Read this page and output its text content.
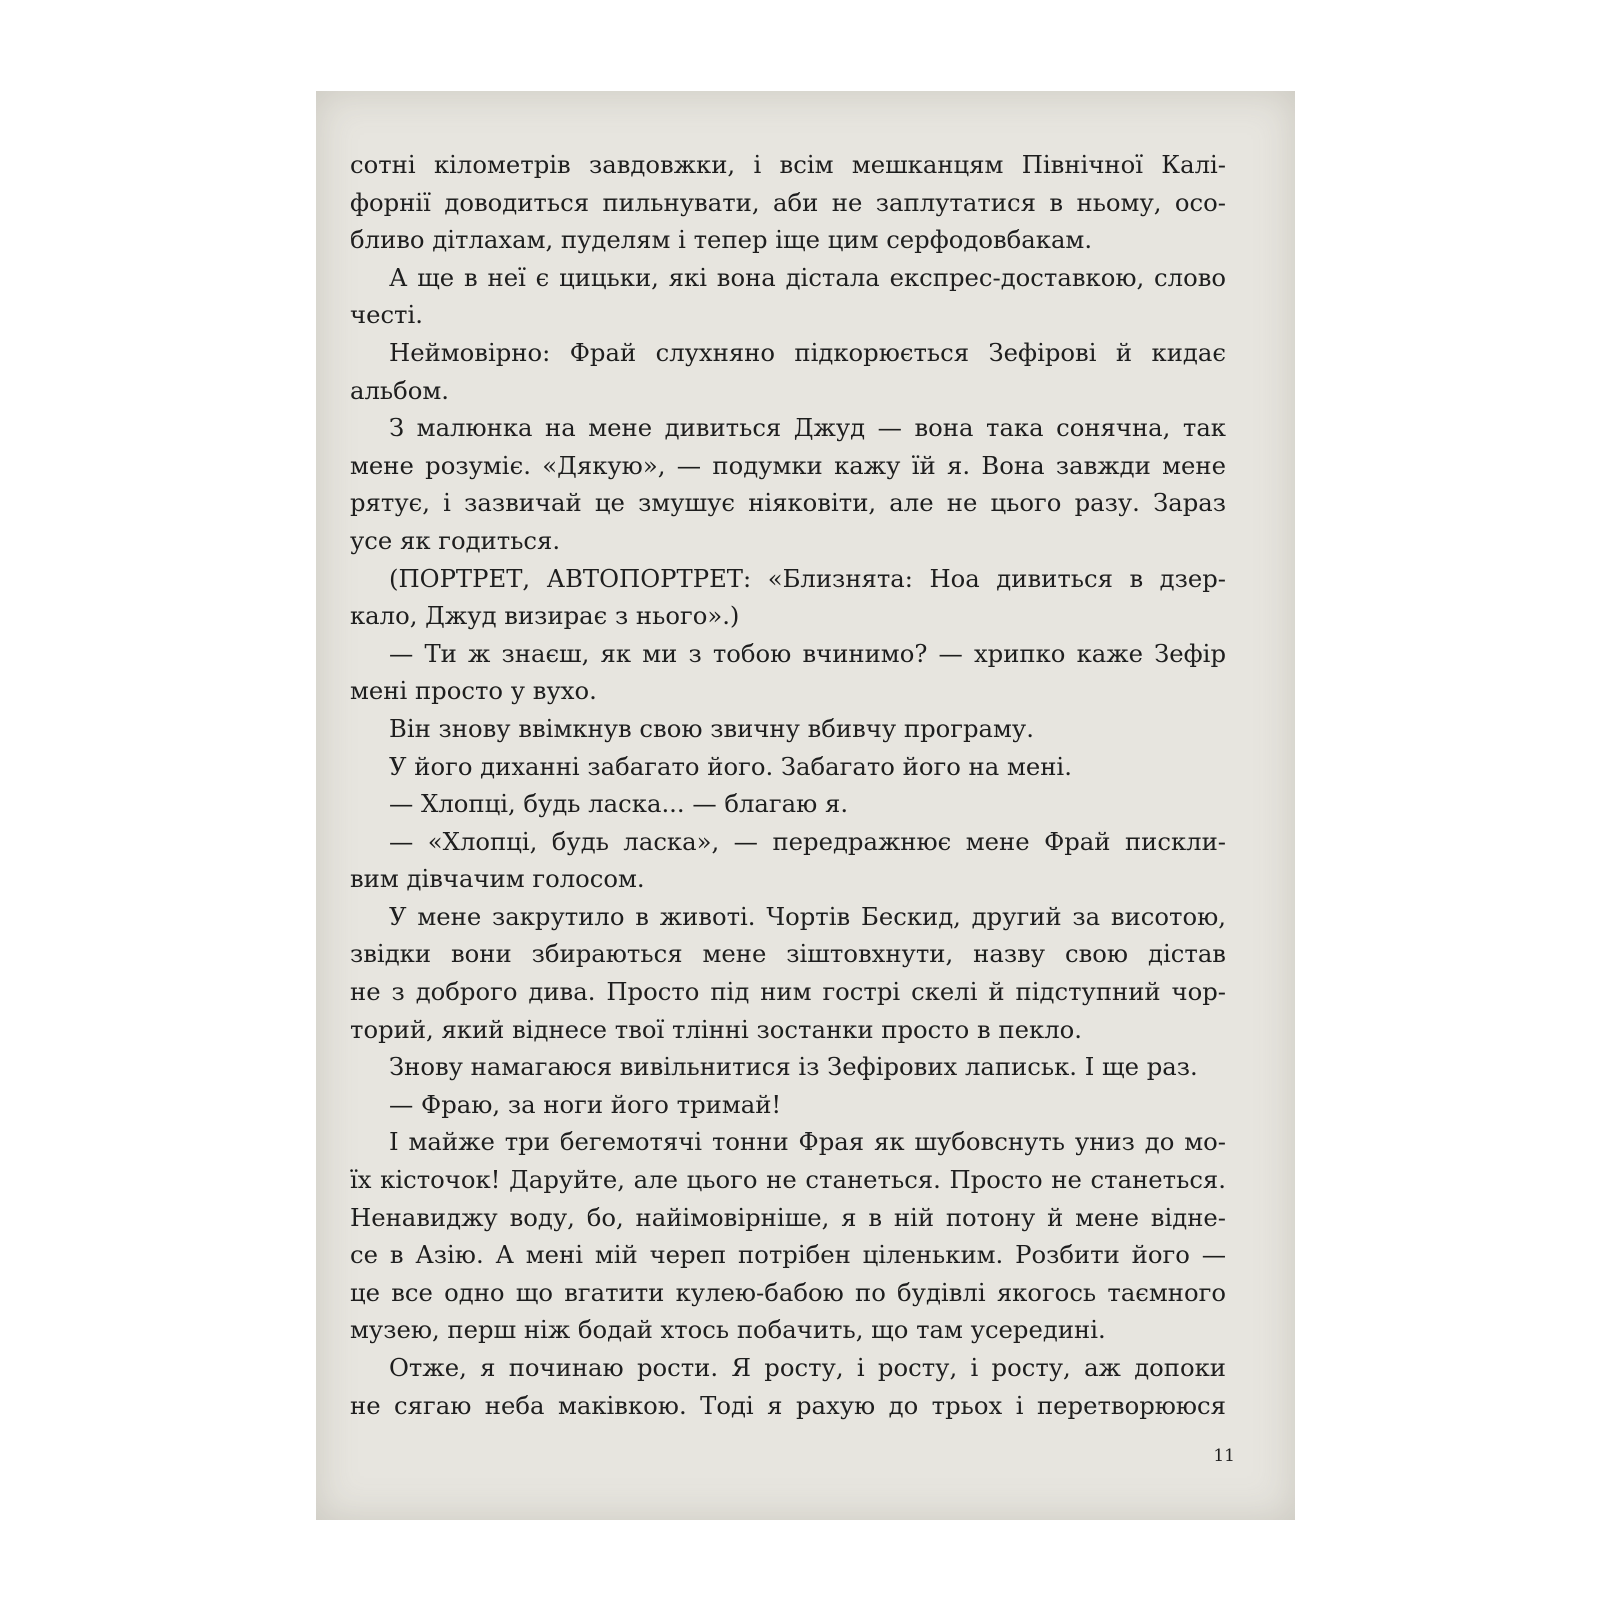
сотні кілометрів завдовжки, і всім мешканцям Північної Калі-
форнії доводиться пильнувати, аби не заплутатися в ньому, осо-
бливо дітлахам, пуделям і тепер іще цим серфодовбакам.
А ще в неї є цицьки, які вона дістала експрес-доставкою, слово
честі.
Неймовірно: Фрай слухняно підкорюється Зефірові й кидає
альбом.
З малюнка на мене дивиться Джуд — вона така сонячна, так
мене розуміє. «Дякую», — подумки кажу їй я. Вона завжди мене
рятує, і зазвичай це змушує ніяковіти, але не цього разу. Зараз
усе як годиться.
(ПОРТРЕТ, АВТОПОРТРЕТ: «Близнята: Ноа дивиться в дзер-
кало, Джуд визирає з нього».)
— Ти ж знаєш, як ми з тобою вчинимо? — хрипко каже Зефір
мені просто у вухо.
Він знову ввімкнув свою звичну вбивчу програму.
У його диханні забагато його. Забагато його на мені.
— Хлопці, будь ласка... — благаю я.
— «Хлопці, будь ласка», — передражнює мене Фрай пискли-
вим дівчачим голосом.
У мене закрутило в животі. Чортів Бескид, другий за висотою,
звідки вони збираються мене зіштовхнути, назву свою дістав
не з доброго дива. Просто під ним гострі скелі й підступний чор-
торий, який віднесе твої тлінні зостанки просто в пекло.
Знову намагаюся вивільнитися із Зефірових лаписьк. І ще раз.
— Фраю, за ноги його тримай!
І майже три бегемотячі тонни Фрая як шубовснуть униз до мо-
їх кісточок! Даруйте, але цього не станеться. Просто не станеться.
Ненавиджу воду, бо, найімовірніше, я в ній потону й мене відне-
се в Азію. А мені мій череп потрібен ціленьким. Розбити його —
це все одно що вгатити кулею-бабою по будівлі якогось таємного
музею, перш ніж бодай хтось побачить, що там усередині.
Отже, я починаю рости. Я росту, і росту, і росту, аж допоки
не сягаю неба маківкою. Тоді я рахую до трьох і перетворююся
11
